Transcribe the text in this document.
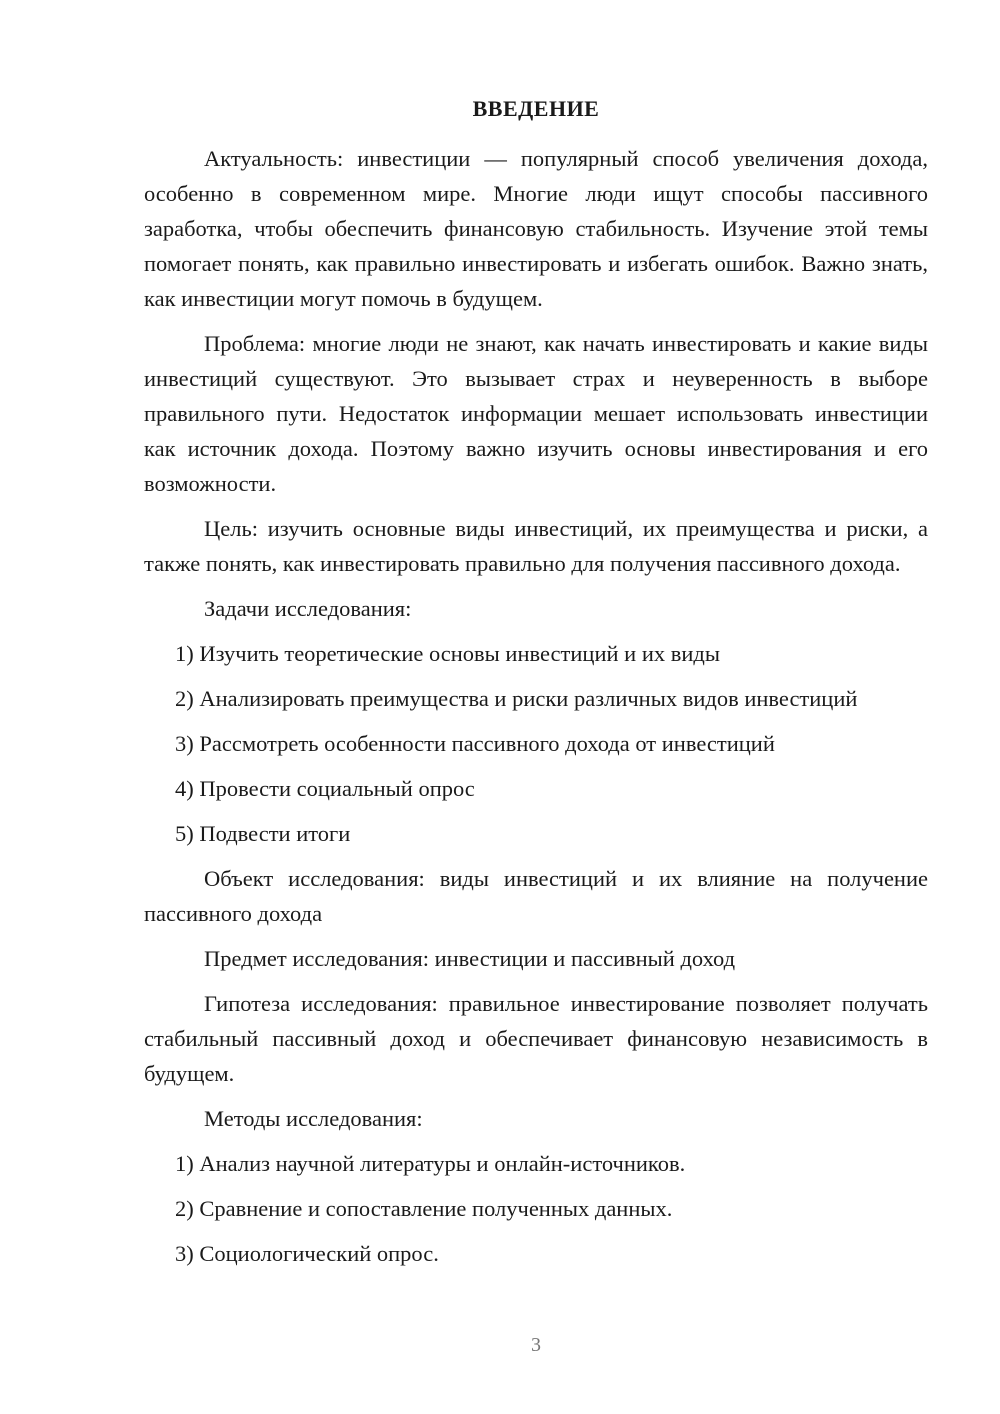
ВВЕДЕНИЕ

Актуальность: инвестиции — популярный способ увеличения дохода, особенно в современном мире. Многие люди ищут способы пассивного заработка, чтобы обеспечить финансовую стабильность. Изучение этой темы помогает понять, как правильно инвестировать и избегать ошибок. Важно знать, как инвестиции могут помочь в будущем.

Проблема: многие люди не знают, как начать инвестировать и какие виды инвестиций существуют. Это вызывает страх и неуверенность в выборе правильного пути. Недостаток информации мешает использовать инвестиции как источник дохода. Поэтому важно изучить основы инвестирования и его возможности.

Цель: изучить основные виды инвестиций, их преимущества и риски, а также понять, как инвестировать правильно для получения пассивного дохода.

Задачи исследования:
1) Изучить теоретические основы инвестиций и их виды
2) Анализировать преимущества и риски различных видов инвестиций
3) Рассмотреть особенности пассивного дохода от инвестиций
4) Провести социальный опрос
5) Подвести итоги

Объект исследования: виды инвестиций и их влияние на получение пассивного дохода

Предмет исследования: инвестиции и пассивный доход

Гипотеза исследования: правильное инвестирование позволяет получать стабильный пассивный доход и обеспечивает финансовую независимость в будущем.

Методы исследования:
1) Анализ научной литературы и онлайн-источников.
2) Сравнение и сопоставление полученных данных.
3) Социологический опрос.
3
